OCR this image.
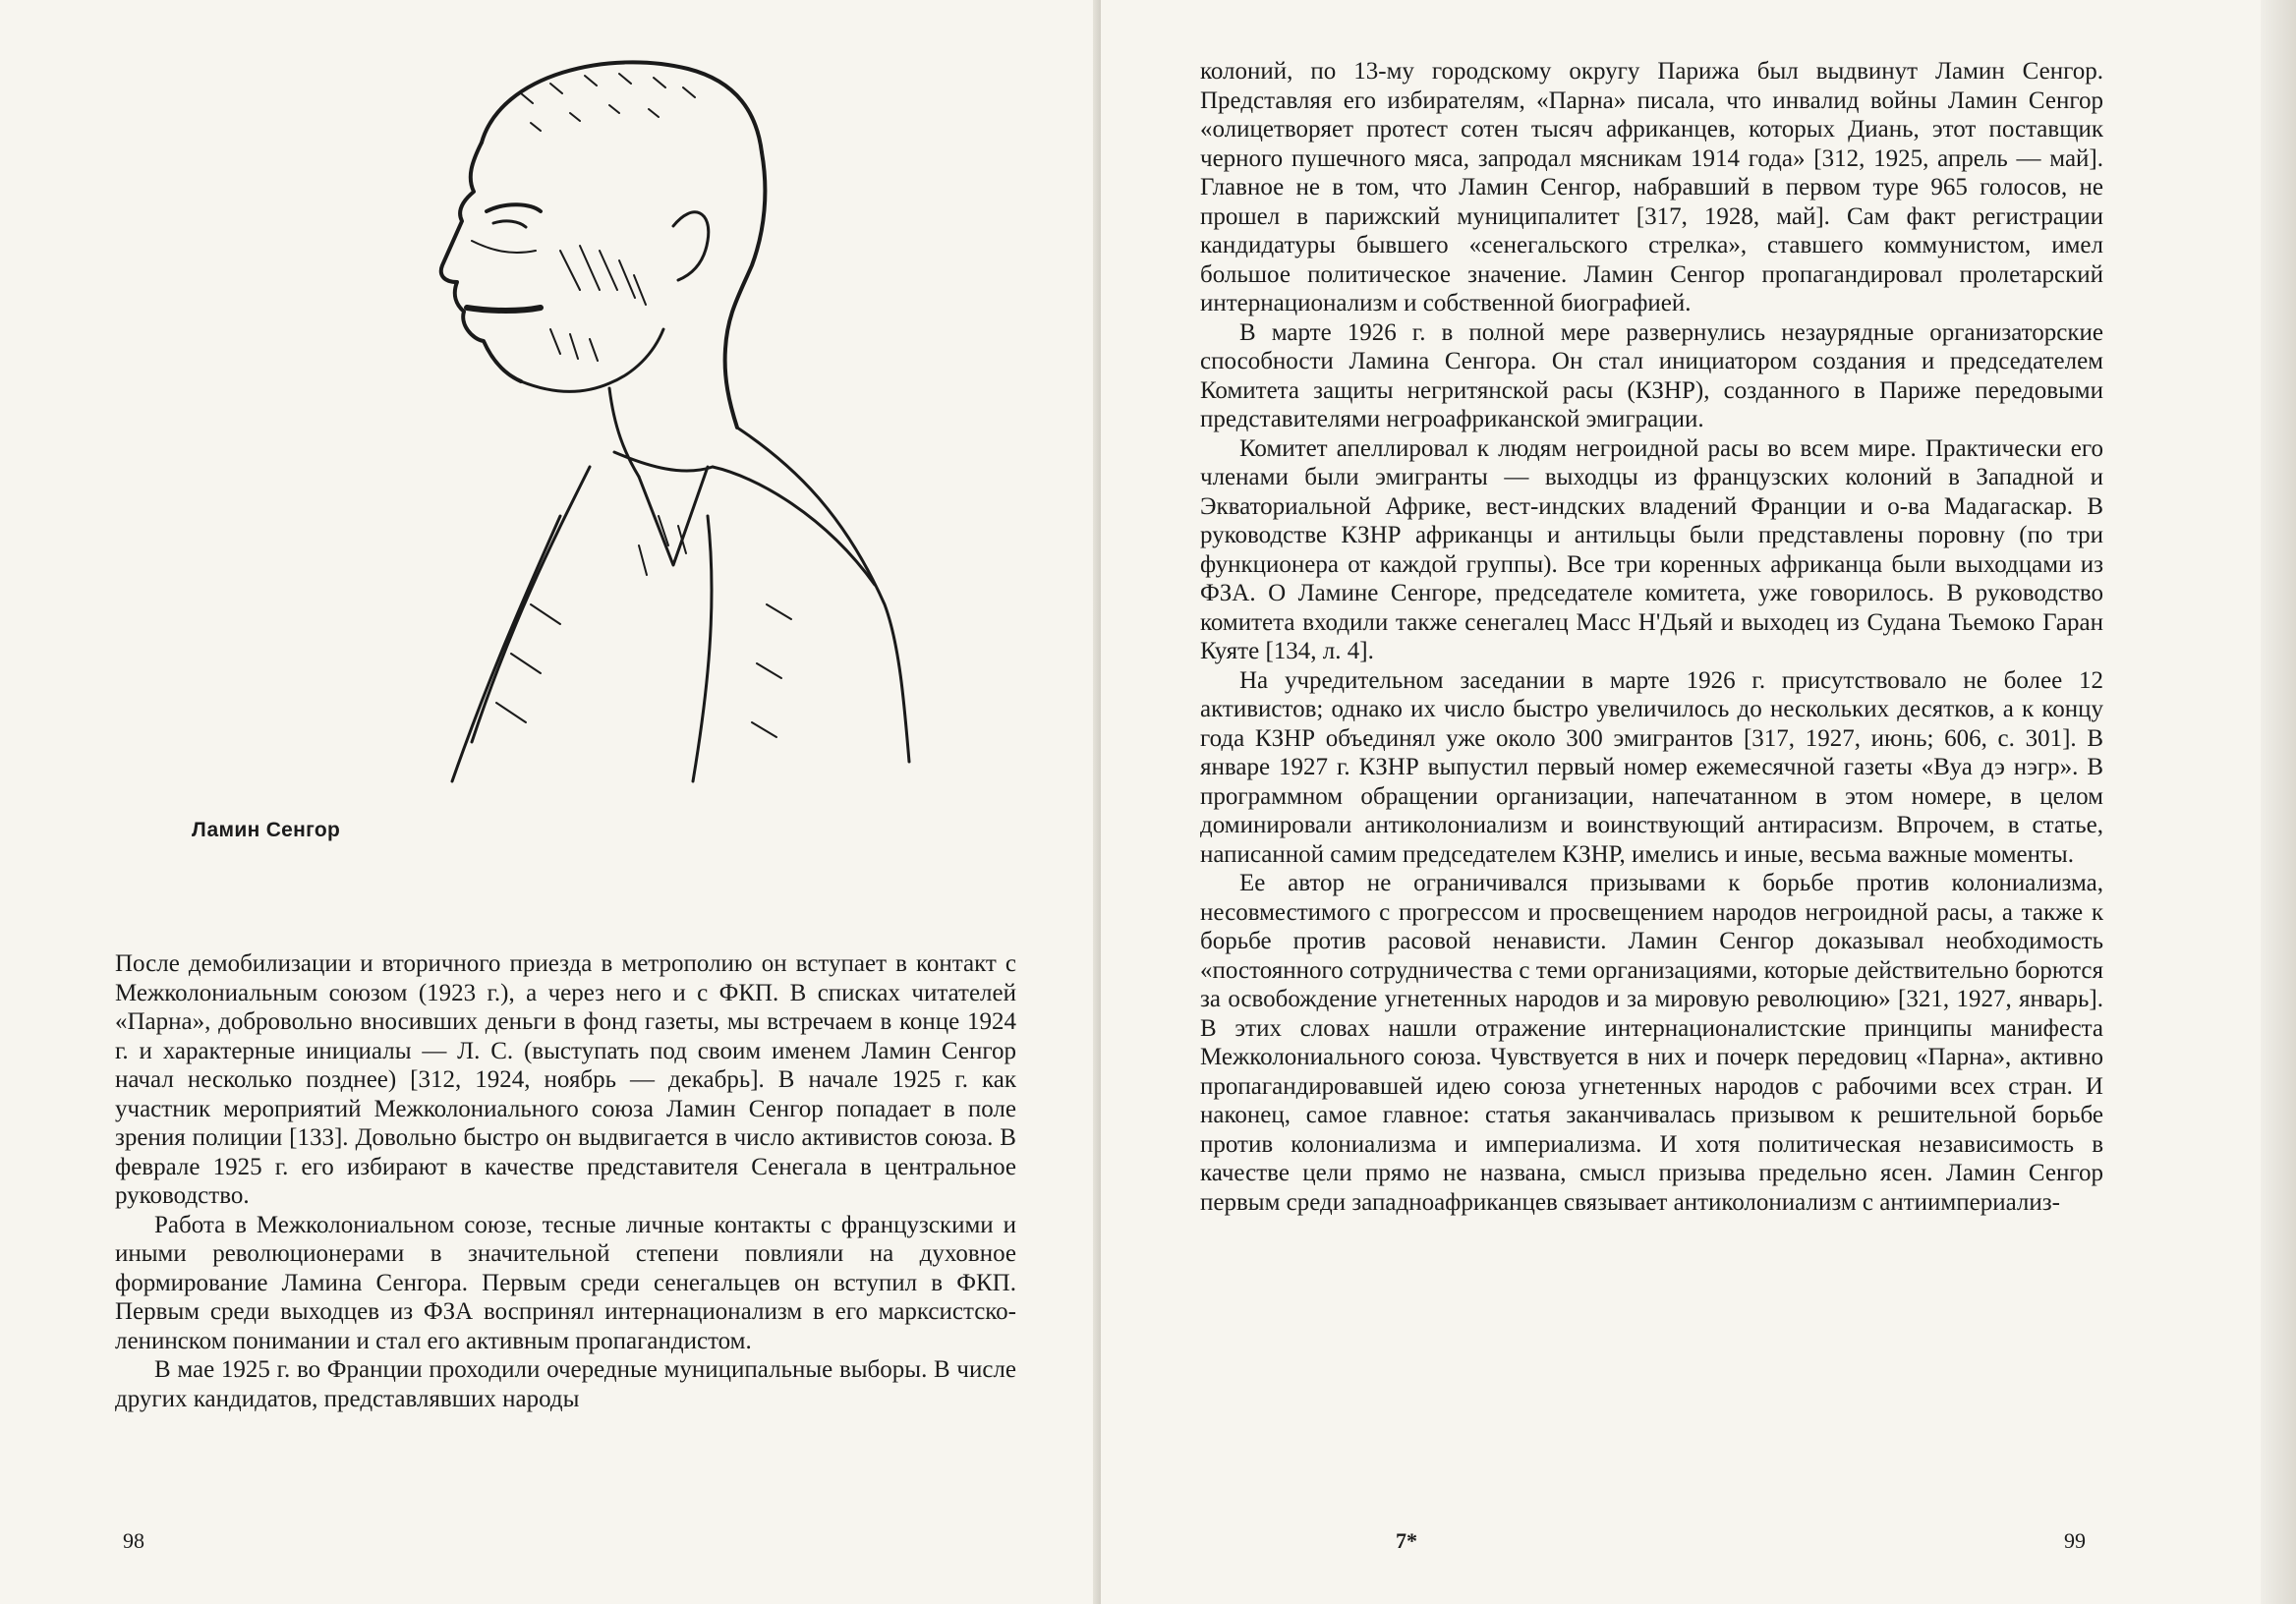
Ламин Сенгор

После демобилизации и вторичного приезда в метрополию он вступает в контакт с Межколониальным союзом (1923 г.), а через него и с ФКП. В списках читателей «Парна», добровольно вносивших деньги в фонд газеты, мы встречаем в конце 1924 г. и характерные инициалы — Л. С. (выступать под своим именем Ламин Сенгор начал несколько позднее) [312, 1924, ноябрь — декабрь]. В начале 1925 г. как участник мероприятий Межколониального союза Ламин Сенгор попадает в поле зрения полиции [133]. Довольно быстро он выдвигается в число активистов союза. В феврале 1925 г. его избирают в качестве представителя Сенегала в центральное руководство.

Работа в Межколониальном союзе, тесные личные контакты с французскими и иными революционерами в значительной степени повлияли на духовное формирование Ламина Сенгора. Первым среди сенегальцев он вступил в ФКП. Первым среди выходцев из ФЗА воспринял интернационализм в его марксистско-ленинском понимании и стал его активным пропагандистом.

В мае 1925 г. во Франции проходили очередные муниципальные выборы. В числе других кандидатов, представлявших народы

98

колоний, по 13-му городскому округу Парижа был выдвинут Ламин Сенгор. Представляя его избирателям, «Парна» писала, что инвалид войны Ламин Сенгор «олицетворяет протест сотен тысяч африканцев, которых Диань, этот поставщик черного пушечного мяса, запродал мясникам 1914 года» [312, 1925, апрель — май]. Главное не в том, что Ламин Сенгор, набравший в первом туре 965 голосов, не прошел в парижский муниципалитет [317, 1928, май]. Сам факт регистрации кандидатуры бывшего «сенегальского стрелка», ставшего коммунистом, имел большое политическое значение. Ламин Сенгор пропагандировал пролетарский интернационализм и собственной биографией.

В марте 1926 г. в полной мере развернулись незаурядные организаторские способности Ламина Сенгора. Он стал инициатором создания и председателем Комитета защиты негритянской расы (КЗНР), созданного в Париже передовыми представителями негроафриканской эмиграции.

Комитет апеллировал к людям негроидной расы во всем мире. Практически его членами были эмигранты — выходцы из французских колоний в Западной и Экваториальной Африке, вест-индских владений Франции и о-ва Мадагаскар. В руководстве КЗНР африканцы и антильцы были представлены поровну (по три функционера от каждой группы). Все три коренных африканца были выходцами из ФЗА. О Ламине Сенгоре, председателе комитета, уже говорилось. В руководство комитета входили также сенегалец Масс Н'Дьяй и выходец из Судана Тьемоко Гаран Куяте [134, л. 4].

На учредительном заседании в марте 1926 г. присутствовало не более 12 активистов; однако их число быстро увеличилось до нескольких десятков, а к концу года КЗНР объединял уже около 300 эмигрантов [317, 1927, июнь; 606, с. 301]. В январе 1927 г. КЗНР выпустил первый номер ежемесячной газеты «Вуа дэ нэгр». В программном обращении организации, напечатанном в этом номере, в целом доминировали антиколониализм и воинствующий антирасизм. Впрочем, в статье, написанной самим председателем КЗНР, имелись и иные, весьма важные моменты.

Ее автор не ограничивался призывами к борьбе против колониализма, несовместимого с прогрессом и просвещением народов негроидной расы, а также к борьбе против расовой ненависти. Ламин Сенгор доказывал необходимость «постоянного сотрудничества с теми организациями, которые действительно борются за освобождение угнетенных народов и за мировую революцию» [321, 1927, январь]. В этих словах нашли отражение интернационалистские принципы манифеста Межколониального союза. Чувствуется в них и почерк передовиц «Парна», активно пропагандировавшей идею союза угнетенных народов с рабочими всех стран. И наконец, самое главное: статья заканчивалась призывом к решительной борьбе против колониализма и империализма. И хотя политическая независимость в качестве цели прямо не названа, смысл призыва предельно ясен. Ламин Сенгор первым среди западноафриканцев связывает антиколониализм с антиимпериализ-

7*	99
